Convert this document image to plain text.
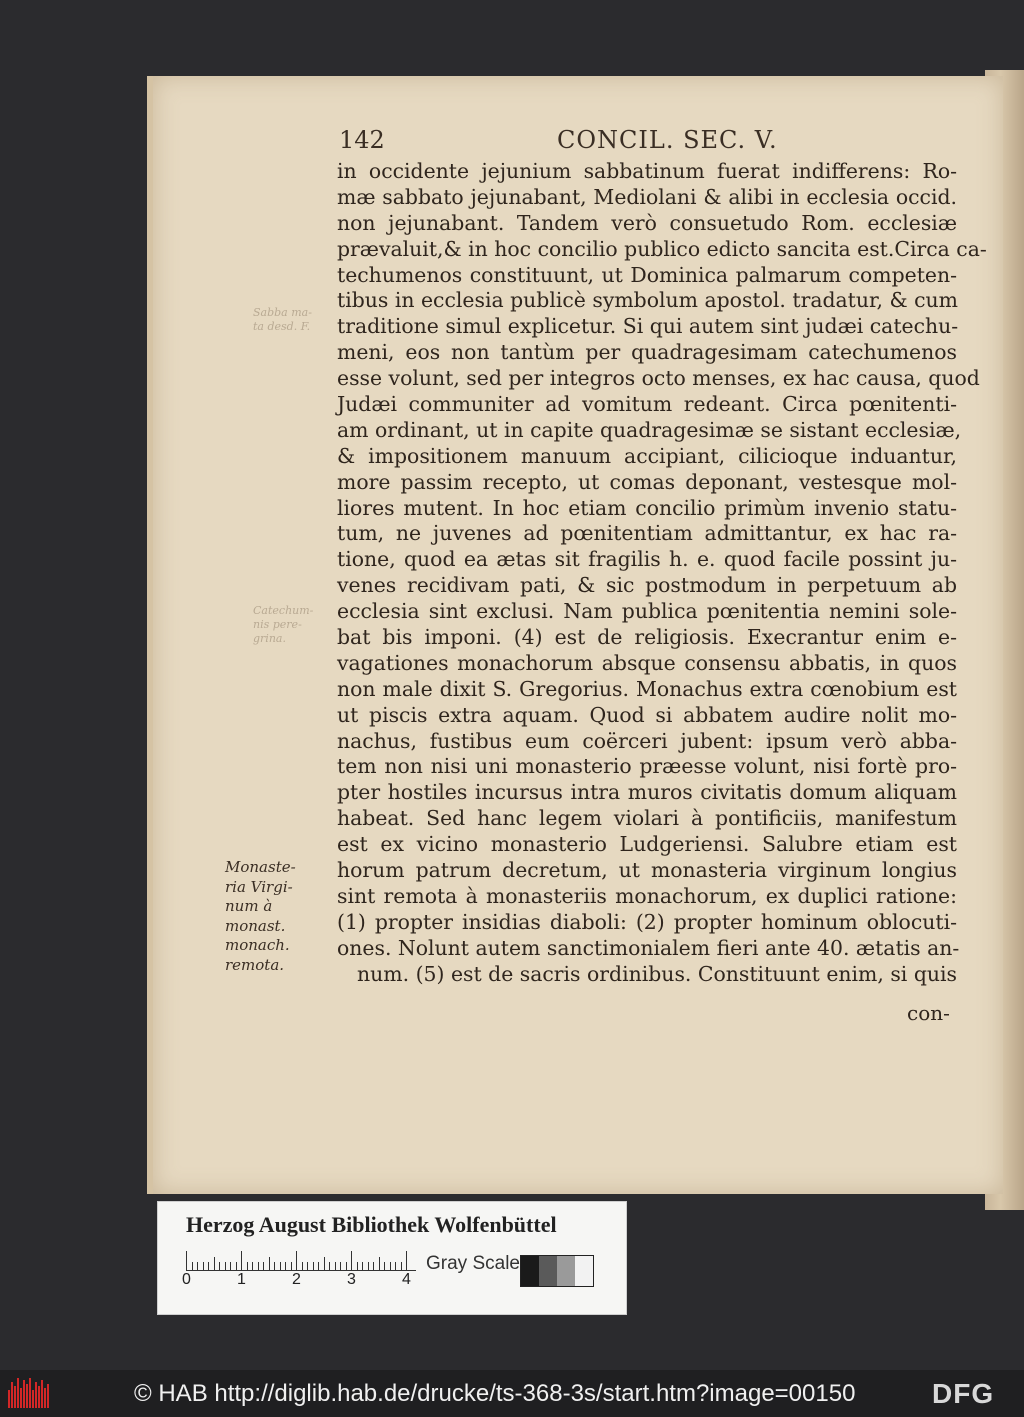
142	CONCIL. SEC. V.
Sabba ma-
ta desd. F.
Catechum-
nis pere-
grina.
in occidente jejunium sabbatinum fuerat indifferens: Ro-
mæ sabbato jejunabant, Mediolani & alibi in ecclesia occid.
non jejunabant. Tandem verò consuetudo Rom. ecclesiæ
prævaluit,& in hoc concilio publico edicto sancita est.Circa ca-
techumenos constituunt, ut Dominica palmarum competen-
tibus in ecclesia publicè symbolum apostol. tradatur, & cum
traditione simul explicetur. Si qui autem sint judæi catechu-
meni, eos non tantùm per quadragesimam catechumenos
esse volunt, sed per integros octo menses, ex hac causa, quod
Judæi communiter ad vomitum redeant. Circa pœnitenti-
am ordinant, ut in capite quadragesimæ se sistant ecclesiæ,
& impositionem manuum accipiant, cilicioque induantur,
more passim recepto, ut comas deponant, vestesque mol-
liores mutent. In hoc etiam concilio primùm invenio statu-
tum, ne juvenes ad pœnitentiam admittantur, ex hac ra-
tione, quod ea ætas sit fragilis h. e. quod facile possint ju-
venes recidivam pati, & sic postmodum in perpetuum ab
ecclesia sint exclusi. Nam publica pœnitentia nemini sole-
bat bis imponi. (4) est de religiosis. Execrantur enim e-
vagationes monachorum absque consensu abbatis, in quos
non male dixit S. Gregorius. Monachus extra cœnobium est
ut piscis extra aquam. Quod si abbatem audire nolit mo-
nachus, fustibus eum coërceri jubent: ipsum verò abba-
tem non nisi uni monasterio præesse volunt, nisi fortè pro-
pter hostiles incursus intra muros civitatis domum aliquam
habeat. Sed hanc legem violari à pontificiis, manifestum
est ex vicino monasterio Ludgeriensi. Salubre etiam est
horum patrum decretum, ut monasteria virginum longius
sint remota à monasteriis monachorum, ex duplici ratione:
(1) propter insidias diaboli: (2) propter hominum oblocuti-
ones. Nolunt autem sanctimonialem fieri ante 40. ætatis an-
num. (5) est de sacris ordinibus. Constituunt enim, si quis
Monaste-
ria Virgi-
num à
monast.
monach.
remota.
con-
Herzog August Bibliothek Wolfenbüttel
0	1	2	3	4
Gray Scale
© HAB http://diglib.hab.de/drucke/ts-368-3s/start.htm?image=00150	DFG
